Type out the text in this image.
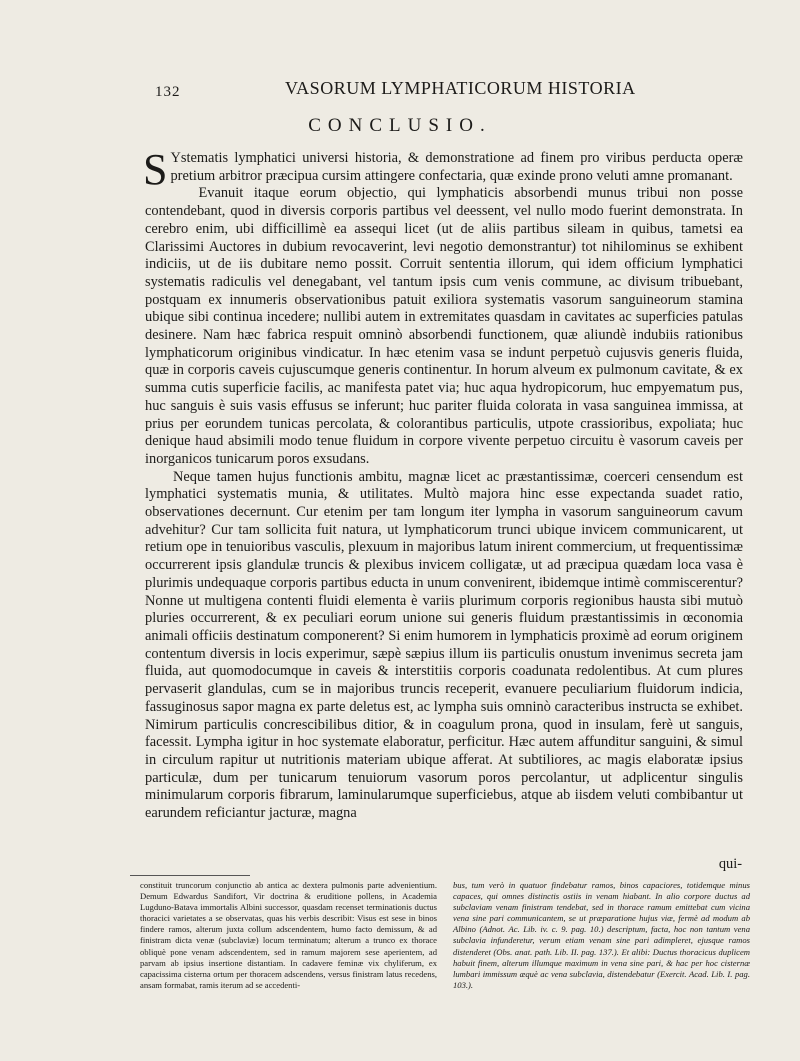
132	VASORUM LYMPHATICORUM HISTORIA
CONCLUSIO.

S Ystematis lymphatici universi historia, & demonstratione ad finem pro viribus perducta operæ pretium arbitror præcipua cursim attingere confectaria, quæ exinde prono veluti amne promanant.

Evanuit itaque eorum objectio, qui lymphaticis absorbendi munus tribui non posse contendebant, quod in diversis corporis partibus vel deessent, vel nullo modo fuerint demonstrata. In cerebro enim, ubi difficillimè ea assequi licet (ut de aliis partibus sileam in quibus, tametsi ea Clarissimi Auctores in dubium revocaverint, levi negotio demonstrantur) tot nihilominus se exhibent indiciis, ut de iis dubitare nemo possit. Corruit sententia illorum, qui idem officium lymphatici systematis radiculis vel denegabant, vel tantum ipsis cum venis commune, ac divisum tribuebant, postquam ex innumeris observationibus patuit exiliora systematis vasorum sanguineorum stamina ubique sibi continua incedere; nullibi autem in extremitates quasdam in cavitates ac superficies patulas desinere. Nam hæc fabrica respuit omninò absorbendi functionem, quæ aliundè indubiis rationibus lymphaticorum originibus vindicatur. In hæc etenim vasa se indunt perpetuò cujusvis generis fluida, quæ in corporis caveis cujuscumque generis continentur. In horum alveum ex pulmonum cavitate, & ex summa cutis superficie facilis, ac manifesta patet via; huc aqua hydropicorum, huc empyematum pus, huc sanguis è suis vasis effusus se inferunt; huc pariter fluida colorata in vasa sanguinea immissa, at prius per eorundem tunicas percolata, & colorantibus particulis, utpote crassioribus, expoliata; huc denique haud absimili modo tenue fluidum in corpore vivente perpetuo circuitu è vasorum caveis per inorganicos tunicarum poros exsudans.

Neque tamen hujus functionis ambitu, magnæ licet ac præstantissimæ, coerceri censendum est lymphatici systematis munia, & utilitates. Multò majora hinc esse expectanda suadet ratio, observationes decernunt. Cur etenim per tam longum iter lympha in vasorum sanguineorum cavum advehitur? Cur tam sollicita fuit natura, ut lymphaticorum trunci ubique invicem communicarent, ut retium ope in tenuioribus vasculis, plexuum in majoribus latum inirent commercium, ut frequentissimæ occurrerent ipsis glandulæ truncis & plexibus invicem colligatæ, ut ad præcipua quædam loca vasa è plurimis undequaque corporis partibus educta in unum convenirent, ibidemque intimè commiscerentur? Nonne ut multigena contenti fluidi elementa è variis plurimum corporis regionibus hausta sibi mutuò pluries occurrerent, & ex peculiari eorum unione sui generis fluidum præstantissimis in œconomia animali officiis destinatum componerent? Si enim humorem in lymphaticis proximè ad eorum originem contentum diversis in locis experimur, sæpè sæpius illum iis particulis onustum invenimus secreta jam fluida, aut quomodocumque in caveis & interstitiis corporis coadunata redolentibus. At cum plures pervaserit glandulas, cum se in majoribus truncis receperit, evanuere peculiarium fluidorum indicia, fassuginosus sapor magna ex parte deletus est, ac lympha suis omninò caracteribus instructa se exhibet. Nimirum particulis concrescibilibus ditior, & in coagulum prona, quod in insulam, ferè ut sanguis, facessit. Lympha igitur in hoc systemate elaboratur, perficitur. Hæc autem affunditur sanguini, & simul in circulum rapitur ut nutritionis materiam ubique afferat. At subtiliores, ac magis elaboratæ ipsius particulæ, dum per tunicarum tenuiorum vasorum poros percolantur, ut adplicentur singulis minimularum corporis fibrarum, laminularumque superficiebus, atque ab iisdem veluti combibantur ut earundem reficiantur jacturæ, magna

qui-

constituit truncorum conjunctio ab antica ac dextera pulmonis parte advenientium. Demum Edwardus Sandifort, Vir doctrina & eruditione pollens, in Academia Lugduno-Batava immortalis Albini successor, quasdam recenset terminationis ductus thoracici varietates a se observatas, quas his verbis describit: Visus est sese in binos findere ramos, alterum juxta collum adscendentem, humo facto demissum, & ad finistram dicta venæ (subclaviæ) locum terminatum; alterum a trunco ex thorace obliquè pone venam adscendentem, sed in ramum majorem sese aperientem, ad parvam ab ipsius insertione distantiam. In cadavere feminæ vix chyliferum, ex capacissima cisterna ortum per thoracem adscendens, versus finistram latus recedens, ansam formabat, ramis iterum ad se accedenti-

bus, tum verò in quatuor findebatur ramos, binos capaciores, totidemque minus capaces, qui omnes distinctis ostiis in venam hiabant. In alio corpore ductus ad subclaviam venam finistram tendebat, sed in thorace ramum emittebat cum vicina vena sine pari communicantem, se ut præparatione hujus viæ, fermè ad modum ab Albino (Adnot. Ac. Lib. iv. c. 9. pag. 10.) descriptum, facta, hoc non tantum vena subclavia infunderetur, verum etiam venam sine pari adimpleret, ejusque ramos distenderet (Obs. anat. path. Lib. II. pag. 137.). Et alibi: Ductus thoracicus duplicem habuit finem, alterum illumque maximum in vena sine pari, & hac per hoc cisternæ lumbari immissum æquè ac vena subclavia, distendebatur (Exercit. Acad. Lib. I. pag. 103.).
